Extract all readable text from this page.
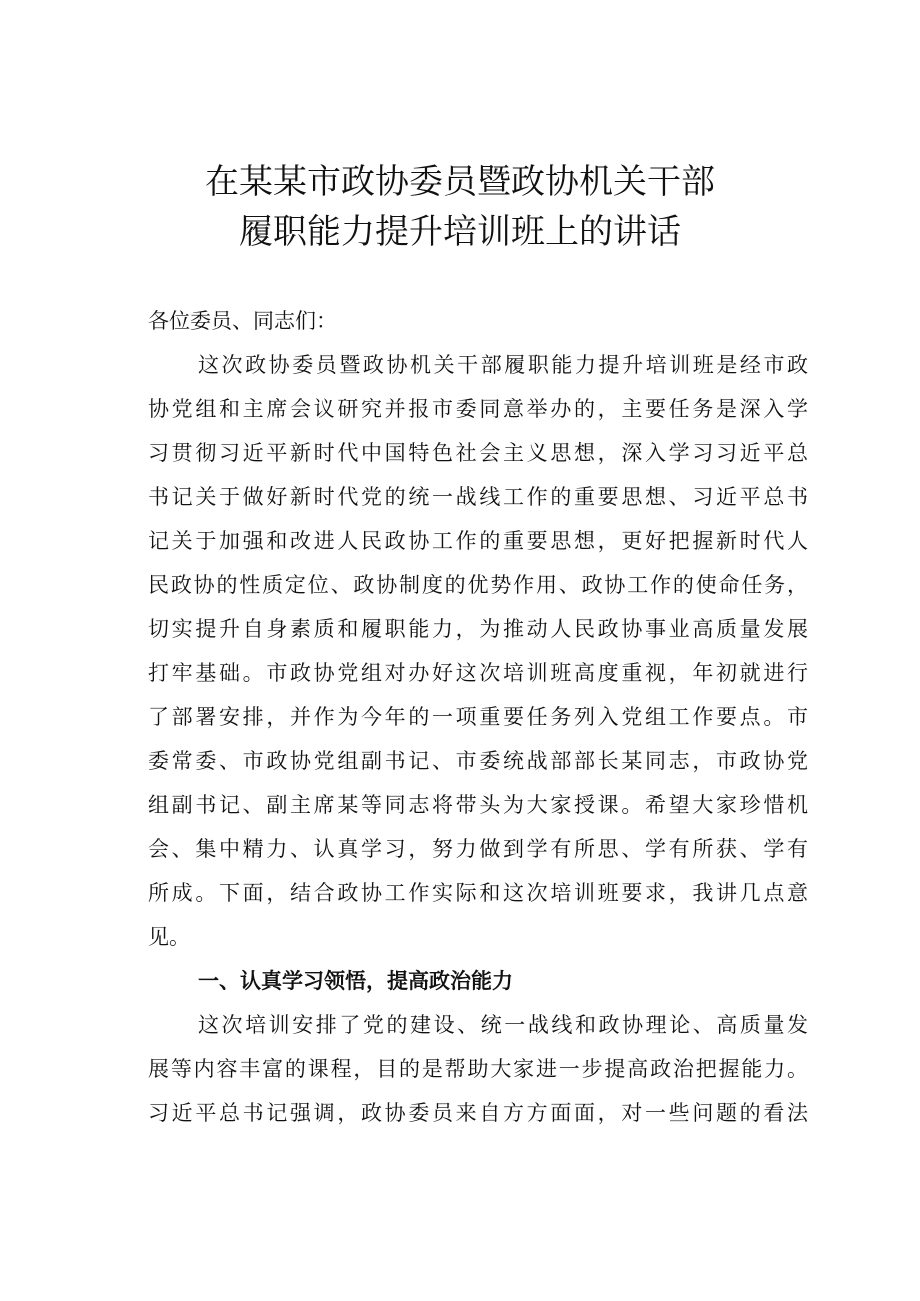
在某某市政协委员暨政协机关干部
履职能力提升培训班上的讲话
各位委员、同志们：
这次政协委员暨政协机关干部履职能力提升培训班是经市政
协党组和主席会议研究并报市委同意举办的，主要任务是深入学
习贯彻习近平新时代中国特色社会主义思想，深入学习习近平总
书记关于做好新时代党的统一战线工作的重要思想、习近平总书
记关于加强和改进人民政协工作的重要思想，更好把握新时代人
民政协的性质定位、政协制度的优势作用、政协工作的使命任务，
切实提升自身素质和履职能力，为推动人民政协事业高质量发展
打牢基础。市政协党组对办好这次培训班高度重视，年初就进行
了部署安排，并作为今年的一项重要任务列入党组工作要点。市
委常委、市政协党组副书记、市委统战部部长某同志，市政协党
组副书记、副主席某等同志将带头为大家授课。希望大家珍惜机
会、集中精力、认真学习，努力做到学有所思、学有所获、学有
所成。下面，结合政协工作实际和这次培训班要求，我讲几点意
见。
一、认真学习领悟，提高政治能力
这次培训安排了党的建设、统一战线和政协理论、高质量发
展等内容丰富的课程，目的是帮助大家进一步提高政治把握能力。
习近平总书记强调，政协委员来自方方面面，对一些问题的看法
